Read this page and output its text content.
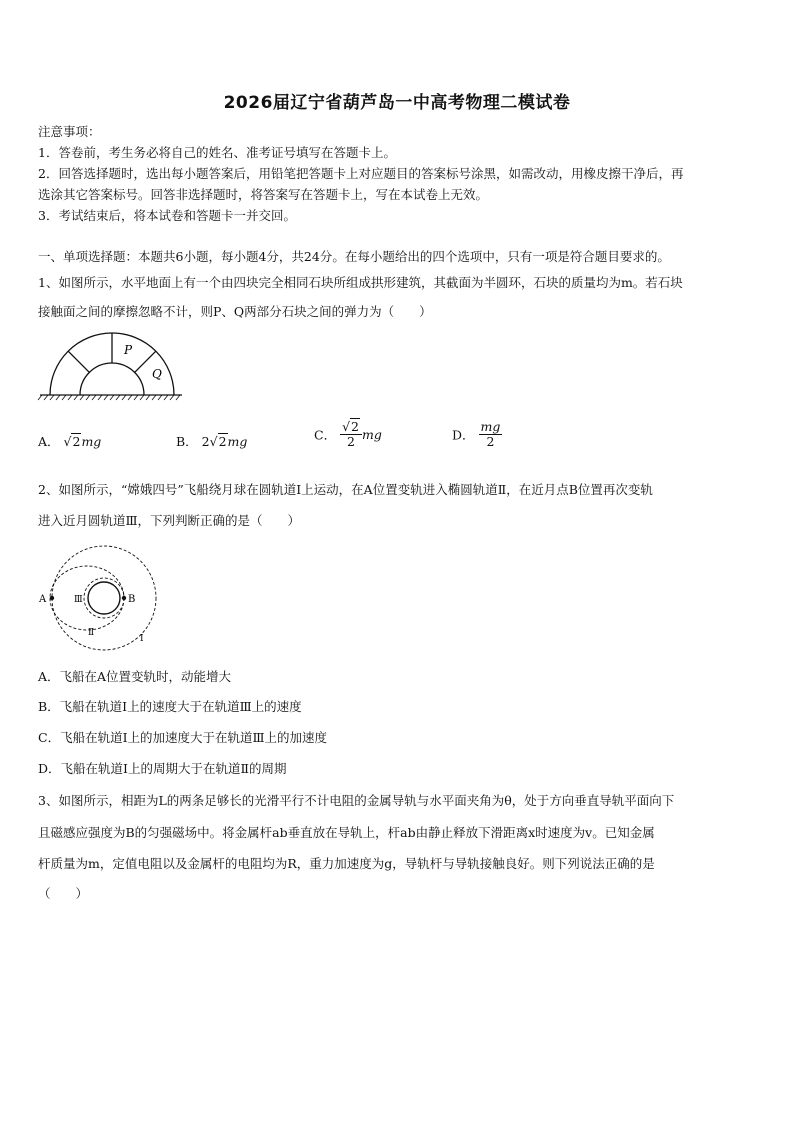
2026届辽宁省葫芦岛一中高考物理二模试卷
注意事项：
1．答卷前，考生务必将自己的姓名、准考证号填写在答题卡上。
2．回答选择题时，选出每小题答案后，用铅笔把答题卡上对应题目的答案标号涂黑，如需改动，用橡皮擦干净后，再
选涂其它答案标号。回答非选择题时，将答案写在答题卡上，写在本试卷上无效。
3．考试结束后，将本试卷和答题卡一并交回。
一、单项选择题：本题共6小题，每小题4分，共24分。在每小题给出的四个选项中，只有一项是符合题目要求的。
1、如图所示，水平地面上有一个由四块完全相同石块所组成拱形建筑，其截面为半圆环，石块的质量均为m。若石块
接触面之间的摩擦忽略不计，则P、Q两部分石块之间的弹力为（　　）
P
Q
A． √2mg	B． 2√2mg	C． $\frac{√2}{2}$ mg	D． $\frac{mg}{2}$
2、如图所示，“嫦娥四号”飞船绕月球在圆轨道Ⅰ上运动，在A位置变轨进入椭圆轨道Ⅱ，在近月点B位置再次变轨
进入近月圆轨道Ⅲ，下列判断正确的是（　　）
A	B
Ⅲ
Ⅱ
Ⅰ
A．飞船在A位置变轨时，动能增大
B．飞船在轨道Ⅰ上的速度大于在轨道Ⅲ上的速度
C．飞船在轨道Ⅰ上的加速度大于在轨道Ⅲ上的加速度
D．飞船在轨道Ⅰ上的周期大于在轨道Ⅱ的周期
3、如图所示，相距为L的两条足够长的光滑平行不计电阻的金属导轨与水平面夹角为θ，处于方向垂直导轨平面向下
且磁感应强度为B的匀强磁场中。将金属杆ab垂直放在导轨上，杆ab由静止释放下滑距离x时速度为v。已知金属
杆质量为m，定值电阻以及金属杆的电阻均为R，重力加速度为g，导轨杆与导轨接触良好。则下列说法正确的是
（　　）
